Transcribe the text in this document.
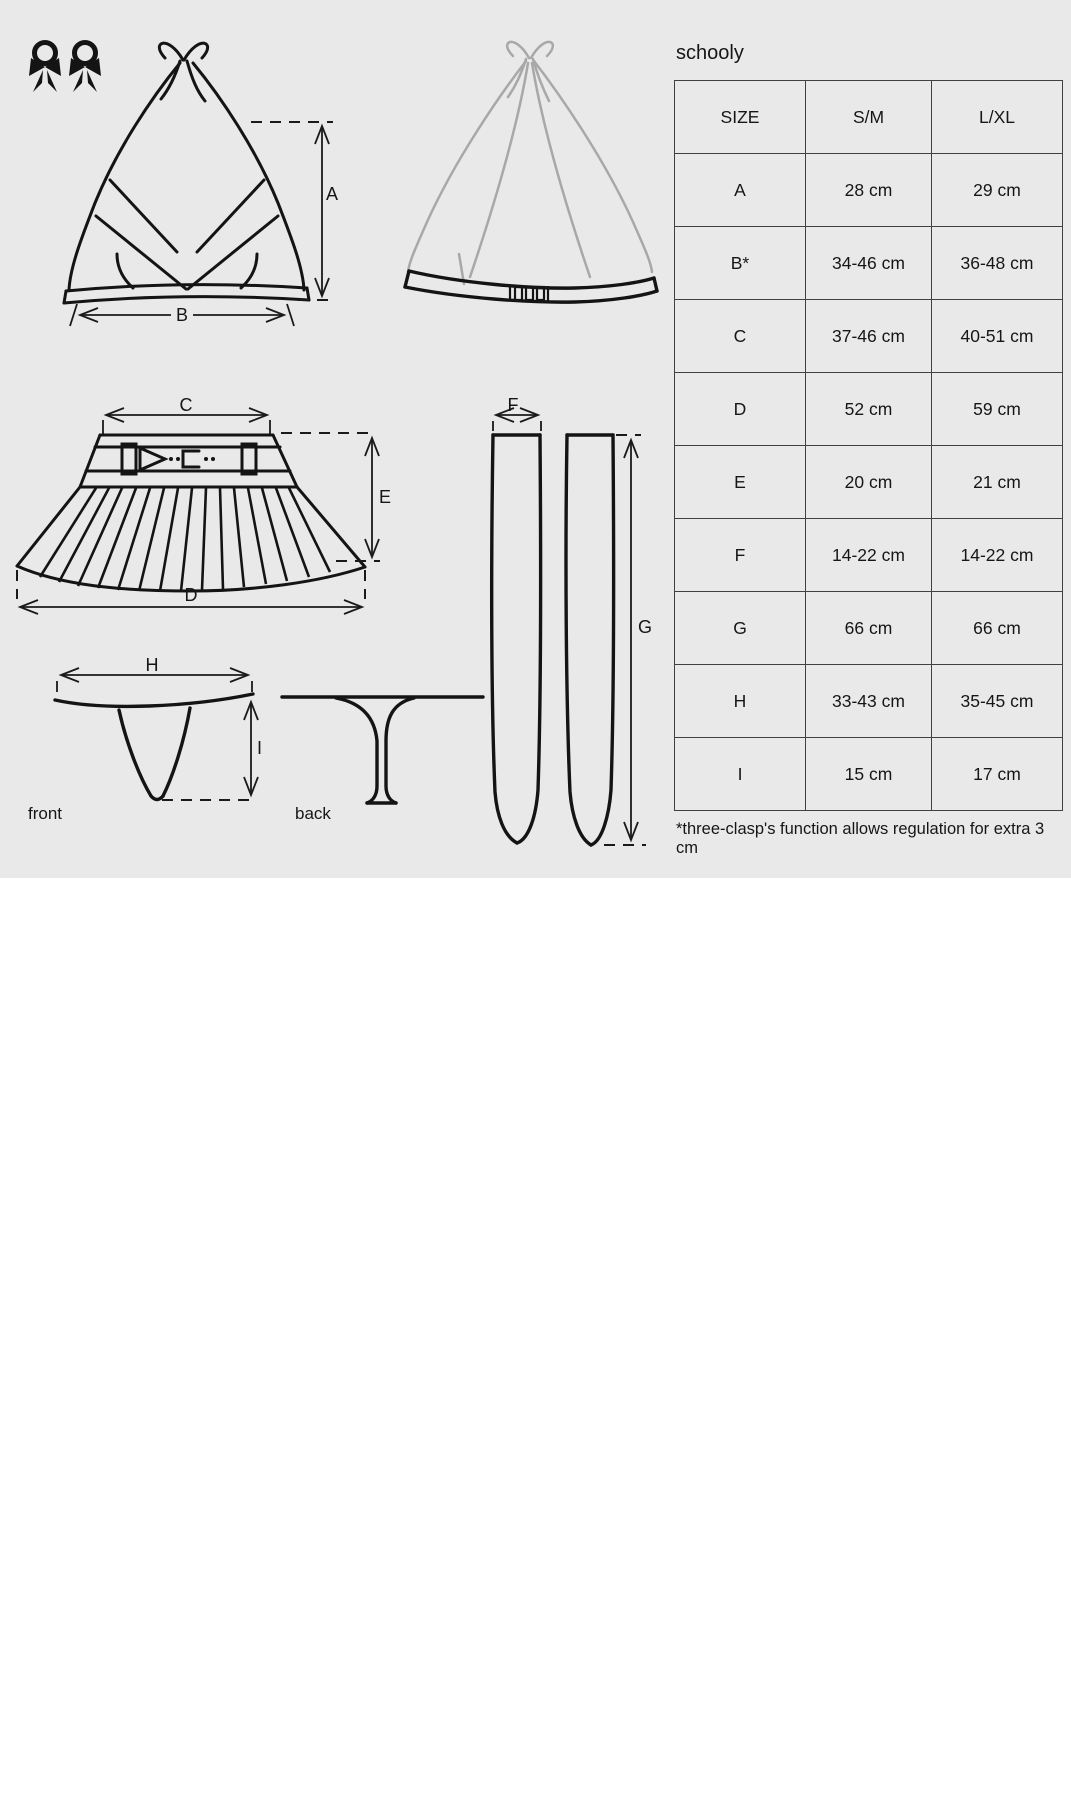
A
B
C
D
E
F
G
H
I
front	back
schooly
SIZE	S/M	L/XL
A	28 cm	29 cm
B*	34-46 cm	36-48 cm
C	37-46 cm	40-51 cm
D	52 cm	59 cm
E	20 cm	21 cm
F	14-22 cm	14-22 cm
G	66 cm	66 cm
H	33-43 cm	35-45 cm
I	15 cm	17 cm
*three-clasp's function allows regulation for extra 3 cm
